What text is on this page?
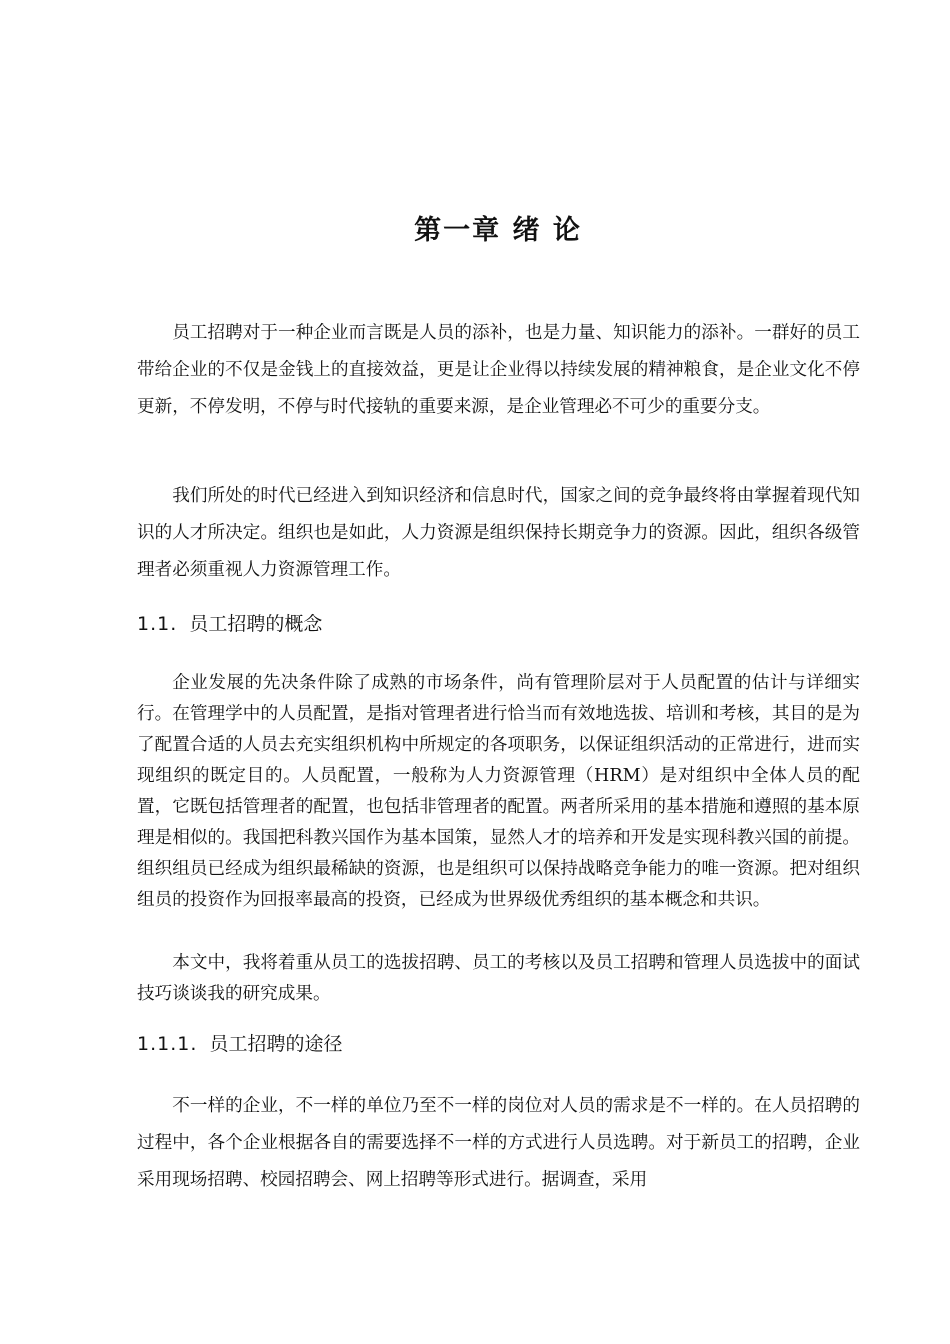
第一章 绪 论

员工招聘对于一种企业而言既是人员的添补，也是力量、知识能力的添补。一群好的员工带给企业的不仅是金钱上的直接效益，更是让企业得以持续发展的精神粮食，是企业文化不停更新，不停发明，不停与时代接轨的重要来源，是企业管理必不可少的重要分支。

我们所处的时代已经进入到知识经济和信息时代，国家之间的竞争最终将由掌握着现代知识的人才所决定。组织也是如此，人力资源是组织保持长期竞争力的资源。因此，组织各级管理者必须重视人力资源管理工作。

1.1. 员工招聘的概念

企业发展的先决条件除了成熟的市场条件，尚有管理阶层对于人员配置的估计与详细实行。在管理学中的人员配置，是指对管理者进行恰当而有效地选拔、培训和考核，其目的是为了配置合适的人员去充实组织机构中所规定的各项职务，以保证组织活动的正常进行，进而实现组织的既定目的。人员配置，一般称为人力资源管理（HRM）是对组织中全体人员的配置，它既包括管理者的配置，也包括非管理者的配置。两者所采用的基本措施和遵照的基本原理是相似的。我国把科教兴国作为基本国策，显然人才的培养和开发是实现科教兴国的前提。组织组员已经成为组织最稀缺的资源，也是组织可以保持战略竞争能力的唯一资源。把对组织组员的投资作为回报率最高的投资，已经成为世界级优秀组织的基本概念和共识。

本文中，我将着重从员工的选拔招聘、员工的考核以及员工招聘和管理人员选拔中的面试技巧谈谈我的研究成果。

1.1.1. 员工招聘的途径

不一样的企业，不一样的单位乃至不一样的岗位对人员的需求是不一样的。在人员招聘的过程中，各个企业根据各自的需要选择不一样的方式进行人员选聘。对于新员工的招聘，企业采用现场招聘、校园招聘会、网上招聘等形式进行。据调查，采用
